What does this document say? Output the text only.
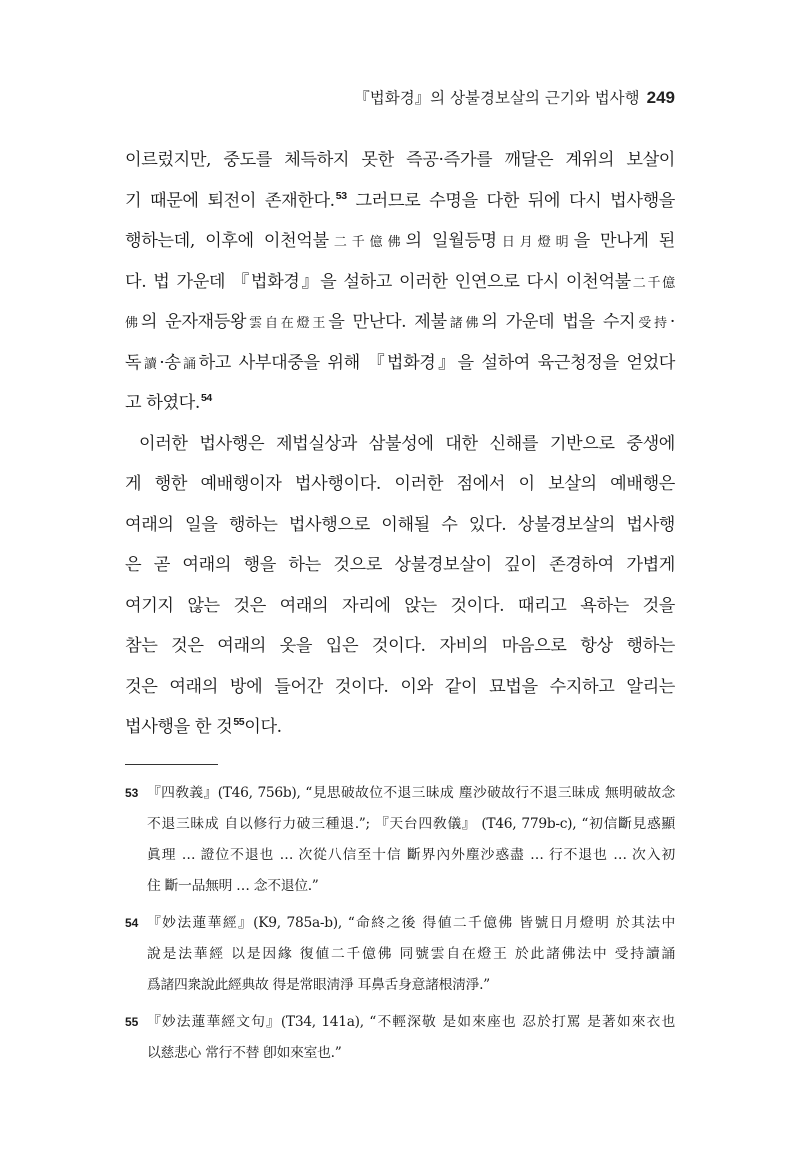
『법화경』의 상불경보살의 근기와 법사행 249
이르렀지만, 중도를 체득하지 못한 즉공·즉가를 깨달은 계위의 보살이
기 때문에 퇴전이 존재한다.$^{53}$ 그러므로 수명을 다한 뒤에 다시 법사행을
행하는데, 이후에 이천억불二千億佛의 일월등명日月燈明을 만나게 된
다. 법 가운데 『법화경』을 설하고 이러한 인연으로 다시 이천억불二千億
佛의 운자재등왕雲自在燈王을 만난다. 제불諸佛의 가운데 법을 수지受持·
독讀·송誦하고 사부대중을 위해 『법화경』을 설하여 육근청정을 얻었다
고 하였다.$^{54}$
이러한 법사행은 제법실상과 삼불성에 대한 신해를 기반으로 중생에
게 행한 예배행이자 법사행이다. 이러한 점에서 이 보살의 예배행은
여래의 일을 행하는 법사행으로 이해될 수 있다. 상불경보살의 법사행
은 곧 여래의 행을 하는 것으로 상불경보살이 깊이 존경하여 가볍게
여기지 않는 것은 여래의 자리에 앉는 것이다. 때리고 욕하는 것을
참는 것은 여래의 옷을 입은 것이다. 자비의 마음으로 항상 행하는
것은 여래의 방에 들어간 것이다. 이와 같이 묘법을 수지하고 알리는
법사행을 한 것$^{55}$이다.
53 『四敎義』(T46, 756b), “見思破故位不退三昧成 塵沙破故行不退三昧成 無明破故念
不退三昧成 自以修行力破三種退.”; 『天台四敎儀』 (T46, 779b-c), “初信斷見惑顯
眞理 … 證位不退也 … 次從八信至十信 斷界內外塵沙惑盡 … 行不退也 … 次入初
住 斷一品無明 … 念不退位.”
54 『妙法蓮華經』(K9, 785a-b), “命終之後 得値二千億佛 皆號日月燈明 於其法中
說是法華經 以是因緣 復値二千億佛 同號雲自在燈王 於此諸佛法中 受持讀誦
爲諸四衆說此經典故 得是常眼淸淨 耳鼻舌身意諸根淸淨.”
55 『妙法蓮華經文句』(T34, 141a), “不輕深敬 是如來座也 忍於打罵 是著如來衣也
以慈悲心 常行不替 卽如來室也.”
